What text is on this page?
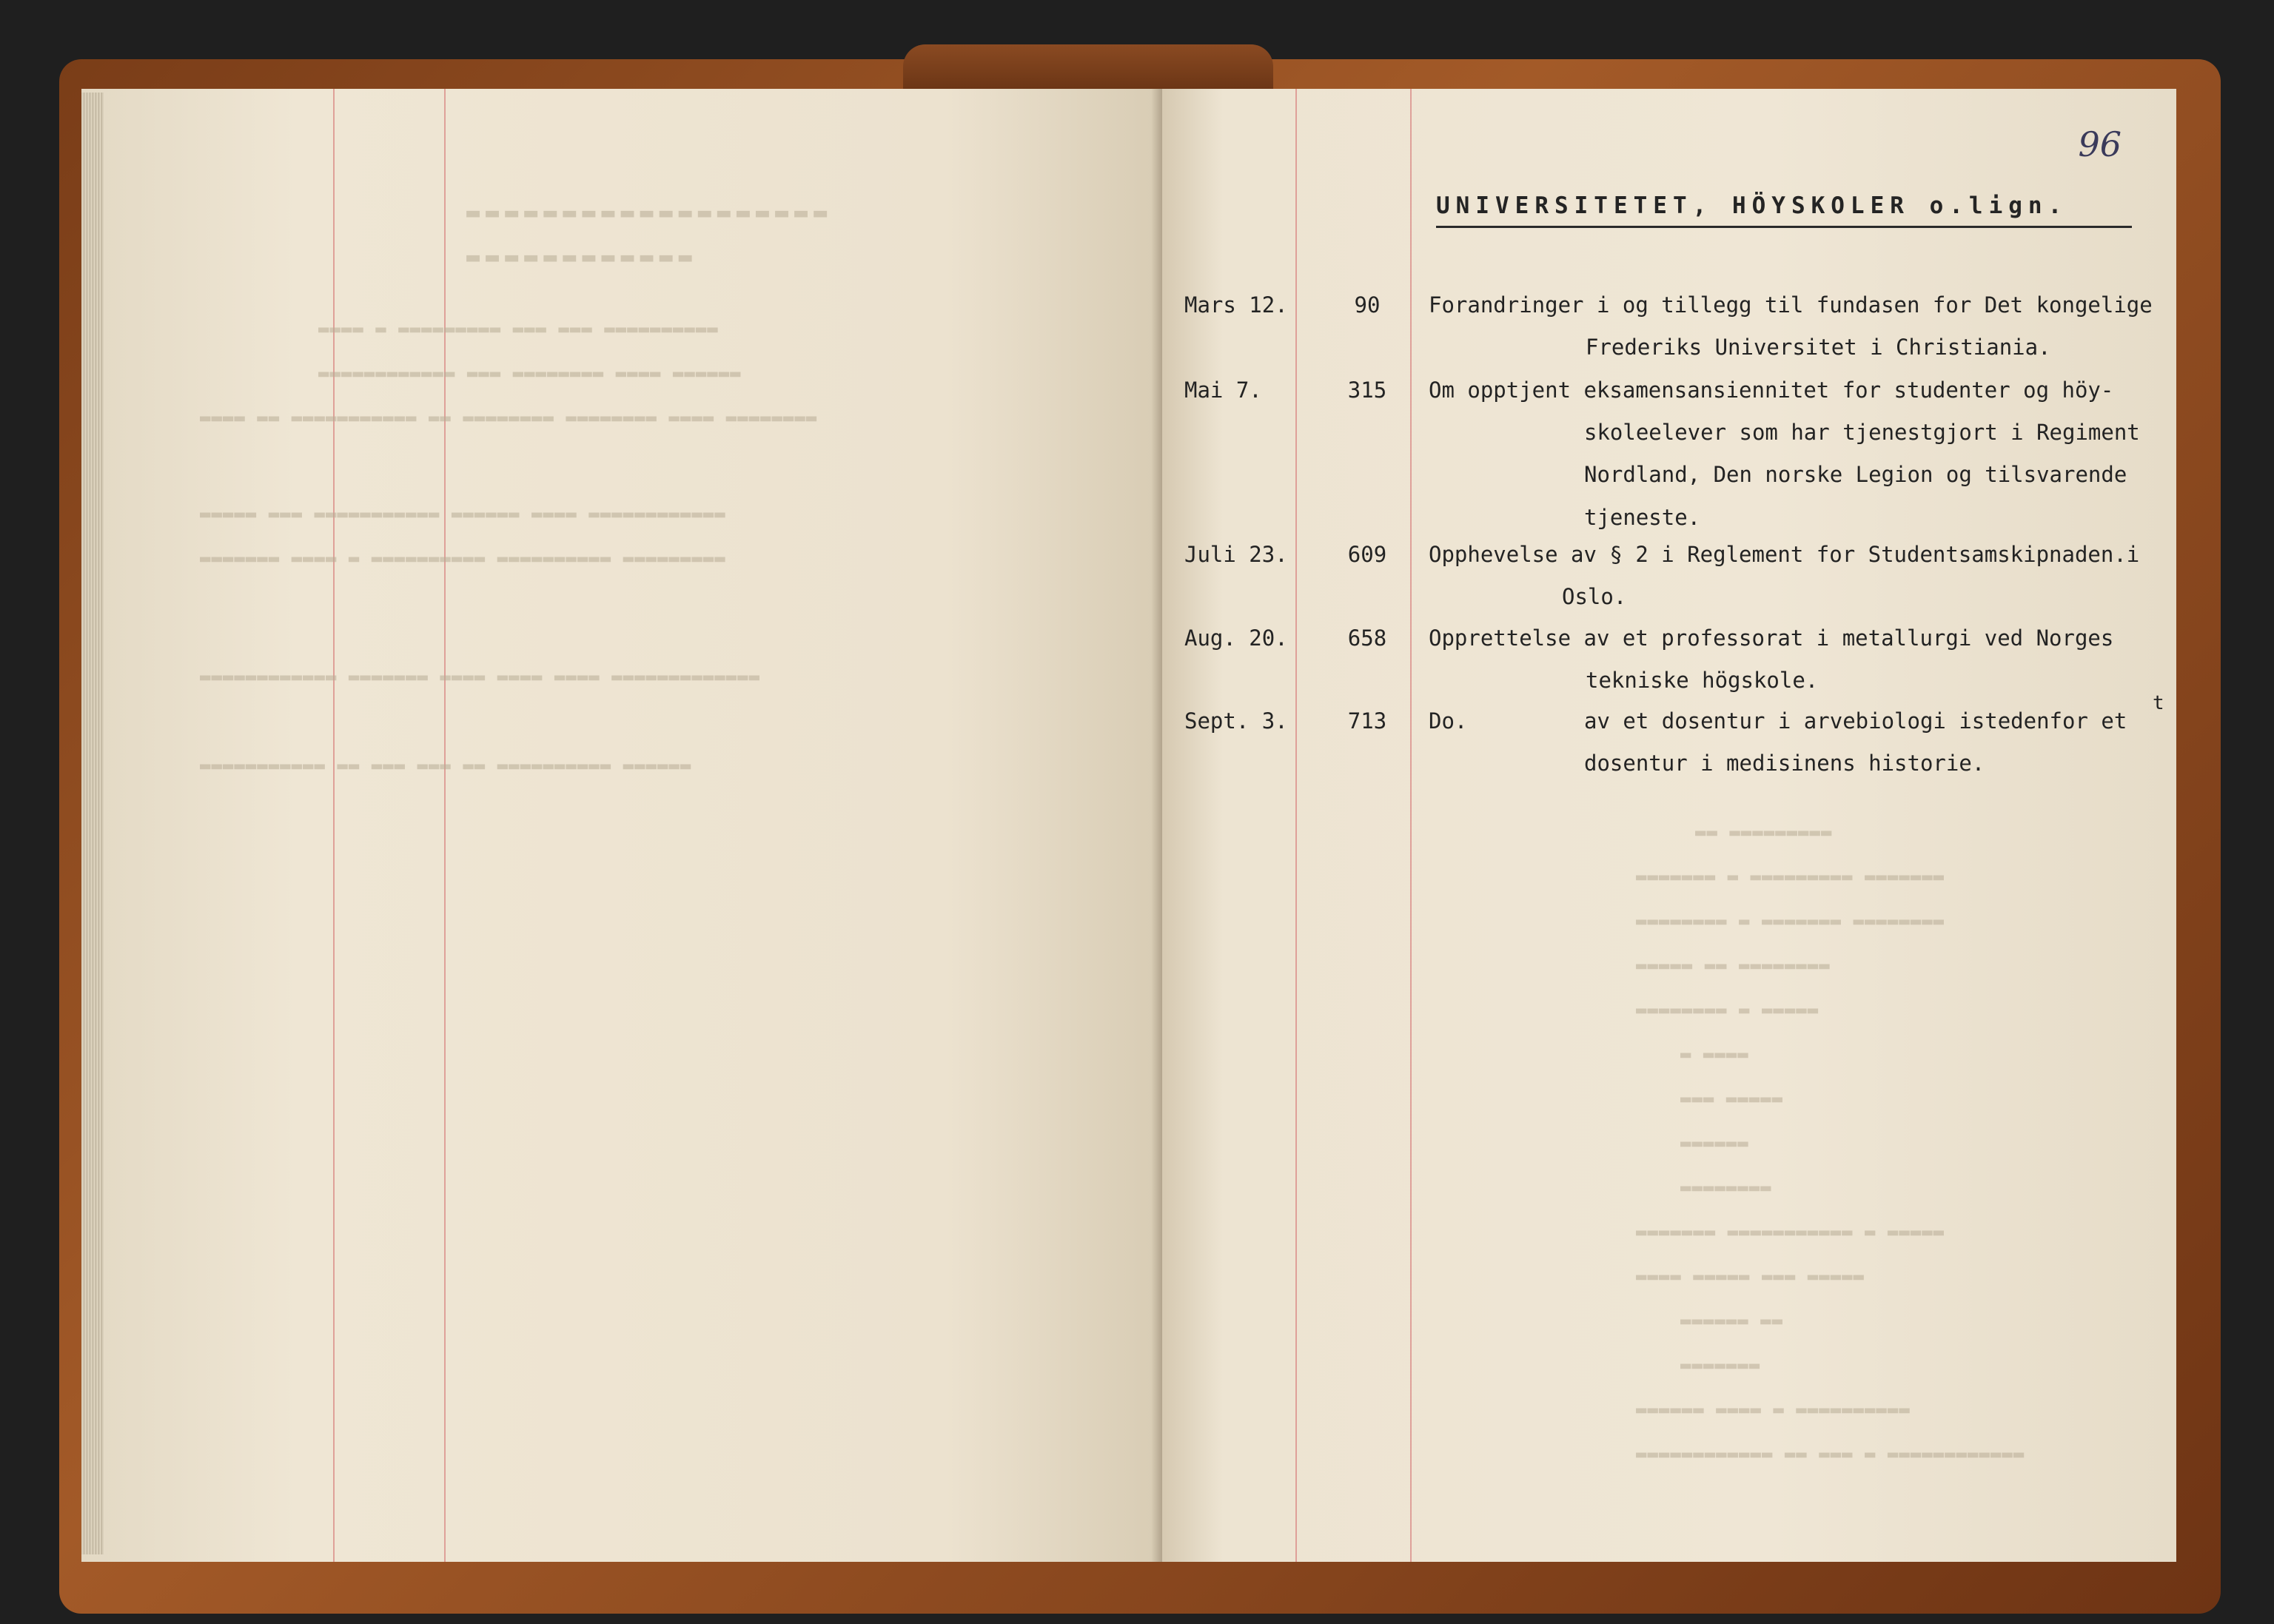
▬▬▬▬▬▬▬▬▬▬▬▬▬▬▬▬▬▬▬
▬▬▬▬▬▬▬▬▬▬▬▬
▬▬▬▬ ▬ ▬▬▬▬▬▬▬▬▬ ▬▬▬ ▬▬▬ ▬▬▬▬▬▬▬▬▬▬
▬▬▬▬▬▬▬▬▬▬▬▬ ▬▬▬ ▬▬▬▬▬▬▬▬ ▬▬▬▬ ▬▬▬▬▬▬
▬▬▬▬ ▬▬ ▬▬▬▬▬▬▬▬▬▬▬ ▬▬ ▬▬▬▬▬▬▬▬ ▬▬▬▬▬▬▬▬ ▬▬▬▬ ▬▬▬▬▬▬▬▬
▬▬▬▬▬ ▬▬▬ ▬▬▬▬▬▬▬▬▬▬▬ ▬▬▬▬▬▬ ▬▬▬▬ ▬▬▬▬▬▬▬▬▬▬▬▬
▬▬▬▬▬▬▬ ▬▬▬▬ ▬ ▬▬▬▬▬▬▬▬▬▬ ▬▬▬▬▬▬▬▬▬▬ ▬▬▬▬▬▬▬▬▬
▬▬▬▬▬▬▬▬▬▬▬▬ ▬▬▬▬▬▬▬ ▬▬▬▬ ▬▬▬▬ ▬▬▬▬ ▬▬▬▬▬▬▬▬▬▬▬▬▬
▬▬▬▬▬▬▬▬▬▬▬ ▬▬ ▬▬▬ ▬▬▬ ▬▬ ▬▬▬▬▬▬▬▬▬▬ ▬▬▬▬▬▬
▬▬ ▬▬▬▬▬▬▬▬▬
▬▬▬▬▬▬▬ ▬ ▬▬▬▬▬▬▬▬▬ ▬▬▬▬▬▬▬
▬▬▬▬▬▬▬▬ ▬ ▬▬▬▬▬▬▬ ▬▬▬▬▬▬▬▬
▬▬▬▬▬ ▬▬ ▬▬▬▬▬▬▬▬
▬▬▬▬▬▬▬▬ ▬ ▬▬▬▬▬
▬ ▬▬▬▬
▬▬▬ ▬▬▬▬▬
▬▬▬▬▬▬
▬▬▬▬▬▬▬▬
▬▬▬▬▬▬▬ ▬▬▬▬▬▬▬▬▬▬▬ ▬ ▬▬▬▬▬
▬▬▬▬ ▬▬▬▬▬ ▬▬▬ ▬▬▬▬▬
▬▬▬▬▬▬ ▬▬
▬▬▬▬▬▬▬
▬▬▬▬▬▬ ▬▬▬▬ ▬ ▬▬▬▬▬▬▬▬▬▬
▬▬▬▬▬▬▬▬▬▬▬▬ ▬▬ ▬▬▬ ▬ ▬▬▬▬▬▬▬▬▬▬▬▬
96
UNIVERSITETET, HÖYSKOLER o.lign.
Mars 12.	90	Forandringer i og tillegg til fundasen for Det kongelige
Frederiks Universitet i Christiania.
Mai 7.	315	Om opptjent eksamensansiennitet for studenter og höy-
skoleelever som har tjenestgjort i Regiment
Nordland, Den norske Legion og tilsvarende
tjeneste.
Juli 23.	609	Opphevelse av § 2 i Reglement for Studentsamskipnaden.i
Oslo.
Aug. 20.	658	Opprettelse av et professorat i metallurgi ved Norges
tekniske högskole.
Sept. 3.	713	Do.	av et dosentur i arvebiologi istedenfor et
dosentur i medisinens historie.
t
